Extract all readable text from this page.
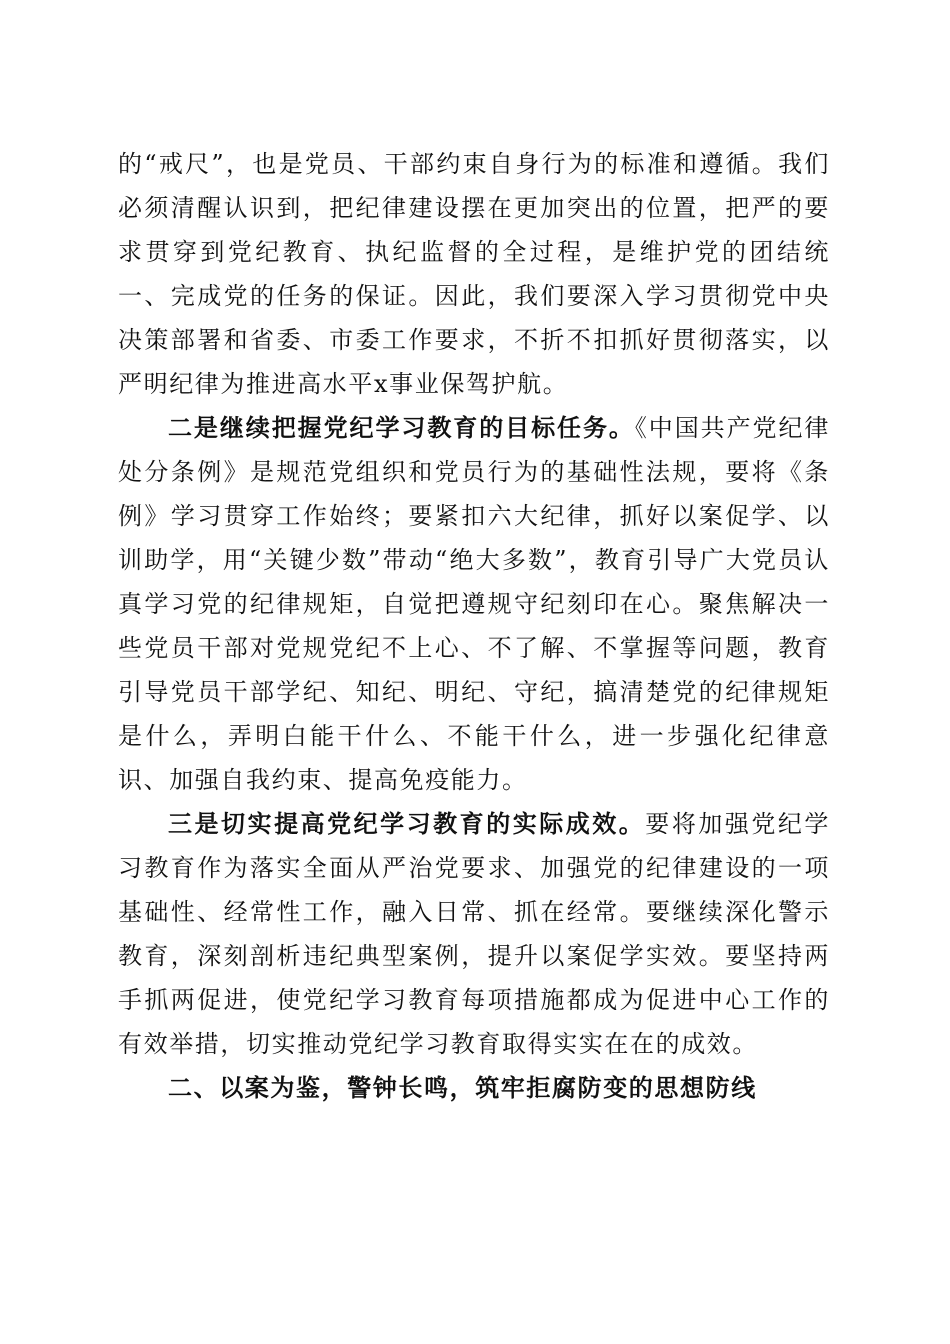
的“戒尺”，也是党员、干部约束自身行为的标准和遵循。我们必须清醒认识到，把纪律建设摆在更加突出的位置，把严的要求贯穿到党纪教育、执纪监督的全过程，是维护党的团结统一、完成党的任务的保证。因此，我们要深入学习贯彻党中央决策部署和省委、市委工作要求，不折不扣抓好贯彻落实，以严明纪律为推进高水平x事业保驾护航。

二是继续把握党纪学习教育的目标任务。《中国共产党纪律处分条例》是规范党组织和党员行为的基础性法规，要将《条例》学习贯穿工作始终；要紧扣六大纪律，抓好以案促学、以训助学，用“关键少数”带动“绝大多数”，教育引导广大党员认真学习党的纪律规矩，自觉把遵规守纪刻印在心。聚焦解决一些党员干部对党规党纪不上心、不了解、不掌握等问题，教育引导党员干部学纪、知纪、明纪、守纪，搞清楚党的纪律规矩是什么，弄明白能干什么、不能干什么，进一步强化纪律意识、加强自我约束、提高免疫能力。

三是切实提高党纪学习教育的实际成效。要将加强党纪学习教育作为落实全面从严治党要求、加强党的纪律建设的一项基础性、经常性工作，融入日常、抓在经常。要继续深化警示教育，深刻剖析违纪典型案例，提升以案促学实效。要坚持两手抓两促进，使党纪学习教育每项措施都成为促进中心工作的有效举措，切实推动党纪学习教育取得实实在在的成效。

二、以案为鉴，警钟长鸣，筑牢拒腐防变的思想防线
